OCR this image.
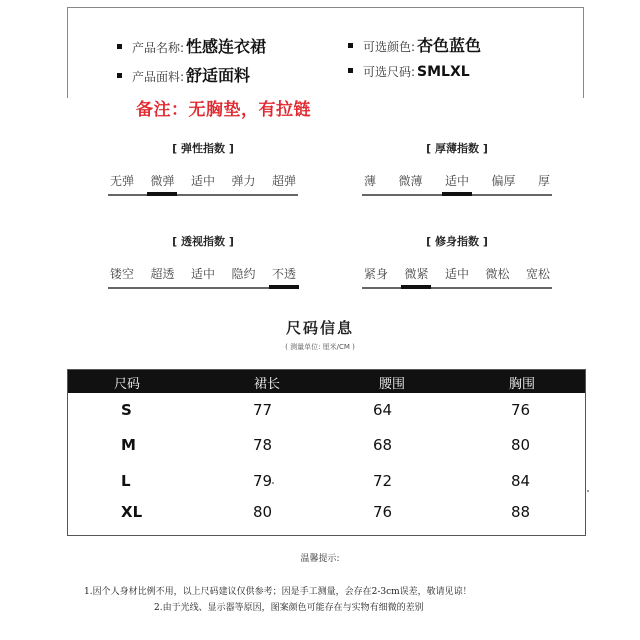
产品名称: 性感连衣裙	可选颜色: 杏色蓝色
产品面料: 舒适面料	可选尺码: SMLXL
备注：无胸垫，有拉链
[ 弹性指数 ]
无弹 微弹 适中 弹力 超弹
[ 厚薄指数 ]
薄 微薄 适中 偏厚 厚
[ 透视指数 ]
镂空 超透 适中 隐约 不透
[ 修身指数 ]
紧身 微紧 适中 微松 宽松
尺码信息
( 测量单位: 厘米/CM )
尺码	裙长	腰围	胸围
S	77	64	76
M	78	68	80
L	79	72	84
XL	80	76	88
温馨提示:
1.因个人身材比例不用，以上尺码建议仅供参考；因是手工测量，会存在2-3cm误差，敬请见谅！
2.由于光线、显示器等原因，图案颜色可能存在与实物有细微的差别
